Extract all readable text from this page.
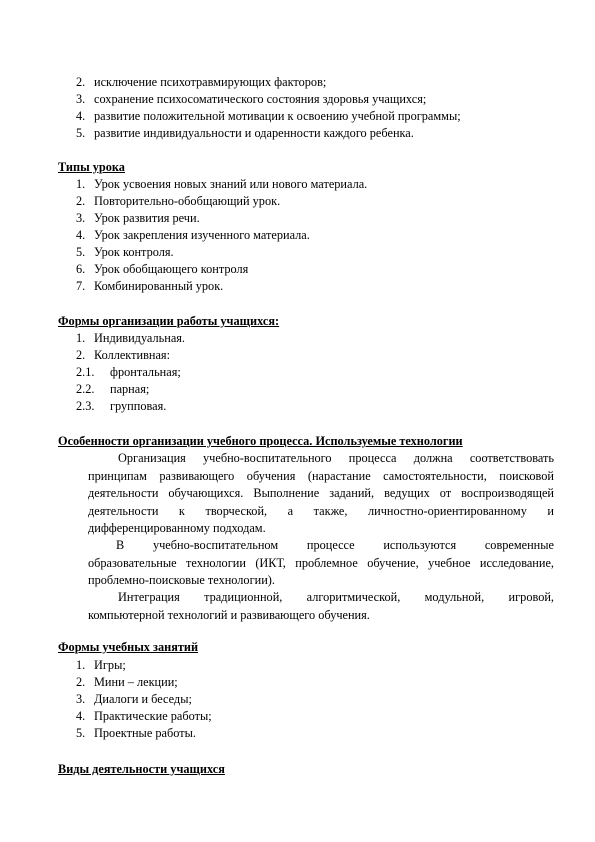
2. исключение психотравмирующих факторов;
3. сохранение психосоматического состояния здоровья учащихся;
4. развитие положительной мотивации к освоению учебной программы;
5. развитие индивидуальности и одаренности каждого ребенка.
Типы урока
1. Урок усвоения новых знаний или нового материала.
2. Повторительно-обобщающий урок.
3. Урок развития речи.
4. Урок закрепления изученного материала.
5. Урок контроля.
6. Урок обобщающего контроля
7. Комбинированный урок.
Формы организации работы учащихся:
1. Индивидуальная.
2. Коллективная:
2.1. фронтальная;
2.2. парная;
2.3. групповая.
Особенности организации учебного процесса. Используемые технологии

Организация учебно-воспитательного процесса должна соответствовать

принципам развивающего обучения (нарастание самостоятельности, поисковой

деятельности обучающихся. Выполнение заданий, ведущих от воспроизводящей

деятельности к творческой, а также, личностно-ориентированному и

дифференцированному подходам.

В учебно-воспитательном процессе используются современные

образовательные технологии (ИКТ, проблемное обучение, учебное исследование,

проблемно-поисковые технологии).

Интеграция традиционной, алгоритмической, модульной, игровой,

компьютерной технологий и развивающего обучения.

Формы учебных занятий
1. Игры;
2. Мини – лекции;
3. Диалоги и беседы;
4. Практические работы;
5. Проектные работы.
Виды деятельности учащихся
